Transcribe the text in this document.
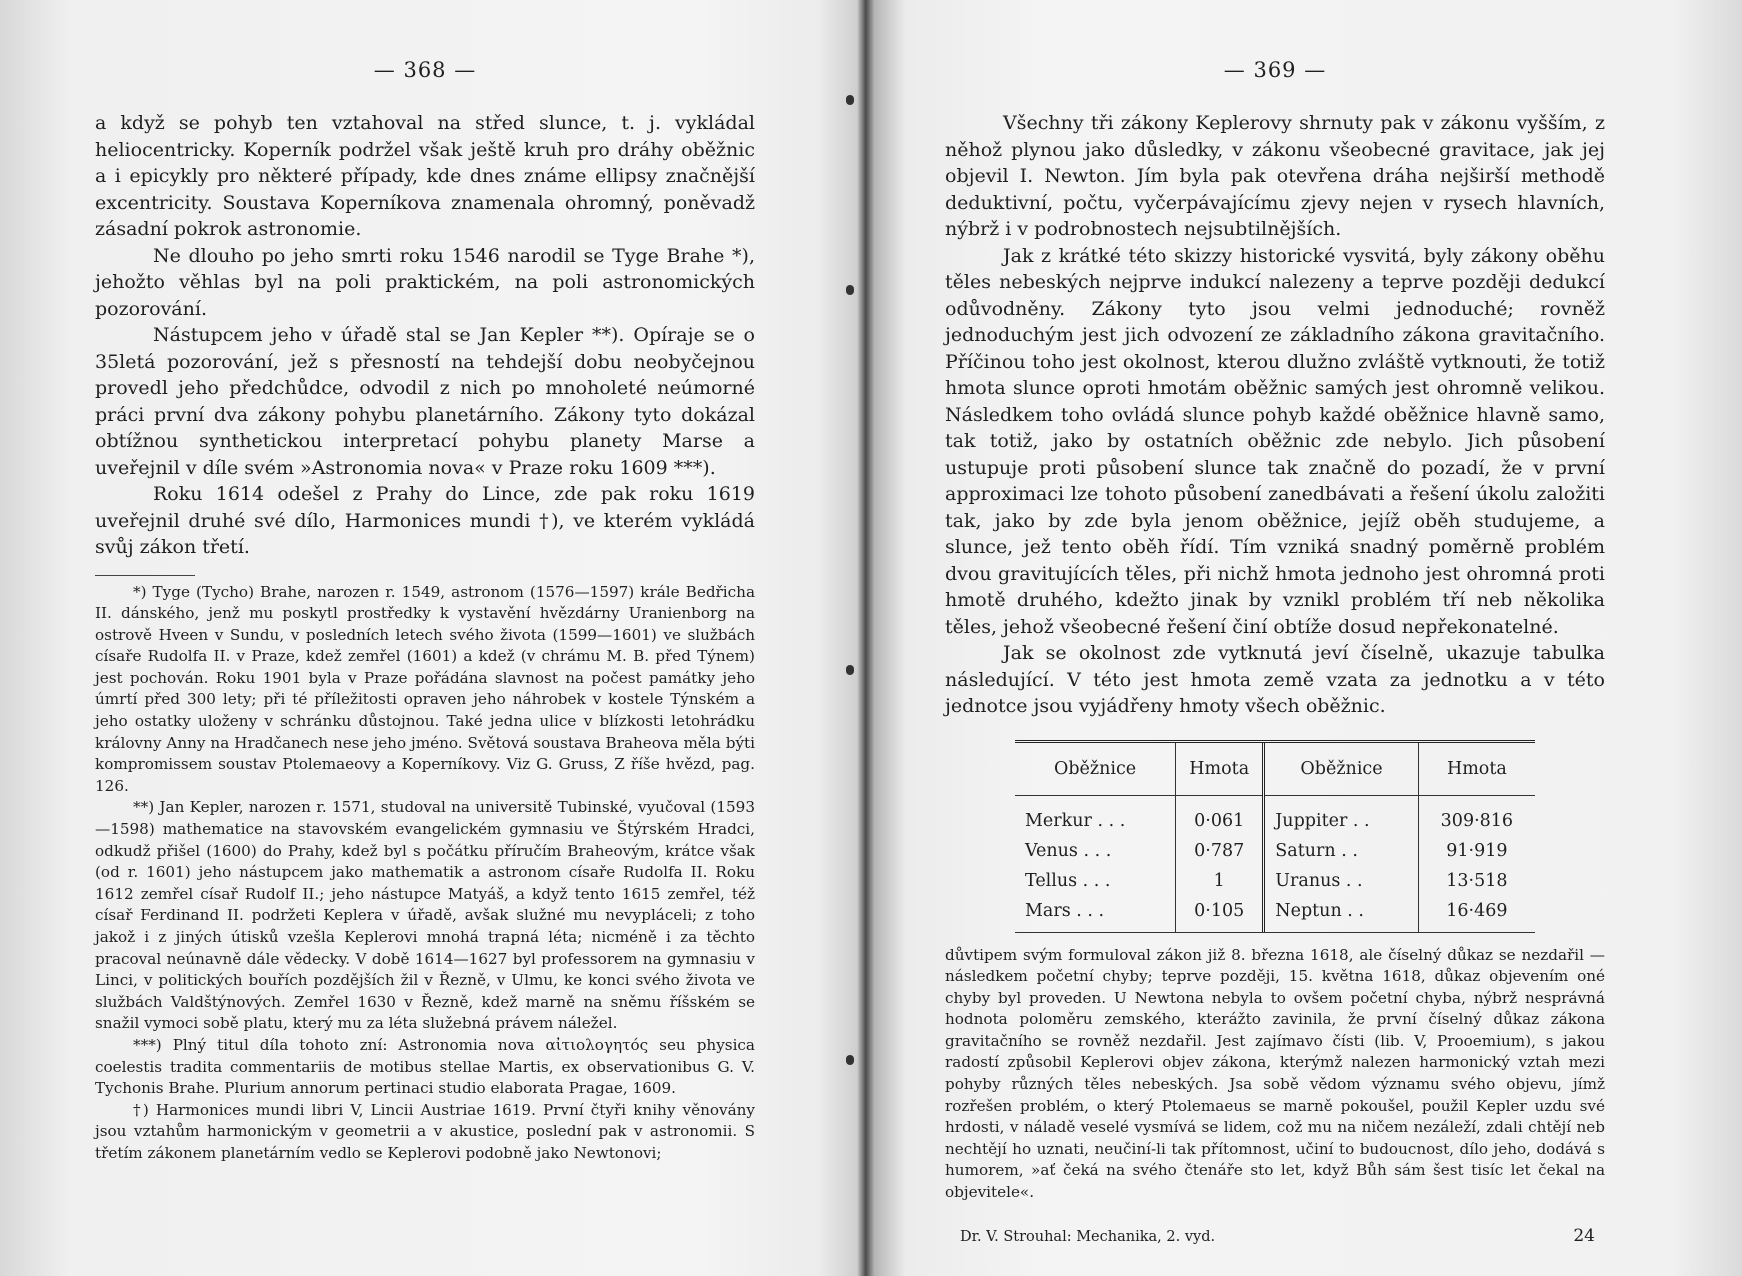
— 368 —

a když se pohyb ten vztahoval na střed slunce, t. j. vykládal heliocentricky. Koperník podržel však ještě kruh pro dráhy oběžnic a i epicykly pro některé případy, kde dnes známe ellipsy značnější excentricity. Soustava Koperníkova znamenala ohromný, poněvadž zásadní pokrok astronomie.

Ne dlouho po jeho smrti roku 1546 narodil se Tyge Brahe *), jehožto věhlas byl na poli praktickém, na poli astronomických pozorování.

Nástupcem jeho v úřadě stal se Jan Kepler **). Opíraje se o 35letá pozorování, jež s přesností na tehdejší dobu neobyčejnou provedl jeho předchůdce, odvodil z nich po mnoholeté neúmorné práci první dva zákony pohybu planetárního. Zákony tyto dokázal obtížnou synthetickou interpretací pohybu planety Marse a uveřejnil v díle svém »Astronomia nova« v Praze roku 1609 ***).

Roku 1614 odešel z Prahy do Lince, zde pak roku 1619 uveřejnil druhé své dílo, Harmonices mundi †), ve kterém vykládá svůj zákon třetí.

*) Tyge (Tycho) Brahe, narozen r. 1549, astronom (1576—1597) krále Bedřicha II. dánského, jenž mu poskytl prostředky k vystavění hvězdárny Uranienborg na ostrově Hveen v Sundu, v posledních letech svého života (1599—1601) ve službách císaře Rudolfa II. v Praze, kdež zemřel (1601) a kdež (v chrámu M. B. před Týnem) jest pochován. Roku 1901 byla v Praze pořádána slavnost na počest památky jeho úmrtí před 300 lety; při té příležitosti opraven jeho náhrobek v kostele Týnském a jeho ostatky uloženy v schránku důstojnou. Také jedna ulice v blízkosti letohrádku královny Anny na Hradčanech nese jeho jméno. Světová soustava Braheova měla býti kompromissem soustav Ptolemaeovy a Koperníkovy. Viz G. Gruss, Z říše hvězd, pag. 126.

**) Jan Kepler, narozen r. 1571, studoval na universitě Tubinské, vyučoval (1593—1598) mathematice na stavovském evangelickém gymnasiu ve Štýrském Hradci, odkudž přišel (1600) do Prahy, kdež byl s počátku příručím Braheovým, krátce však (od r. 1601) jeho nástupcem jako mathematik a astronom císaře Rudolfa II. Roku 1612 zemřel císař Rudolf II.; jeho nástupce Matyáš, a když tento 1615 zemřel, též císař Ferdinand II. podržeti Keplera v úřadě, avšak služné mu nevypláceli; z toho jakož i z jiných útisků vzešla Keplerovi mnohá trapná léta; nicméně i za těchto pracoval neúnavně dále vědecky. V době 1614—1627 byl professorem na gymnasiu v Linci, v politických bouřích pozdějších žil v Řezně, v Ulmu, ke konci svého života ve službách Valdštýnových. Zemřel 1630 v Řezně, kdež marně na sněmu říšském se snažil vymoci sobě platu, který mu za léta služebná právem náležel.

***) Plný titul díla tohoto zní: Astronomia nova αἰτιολογητός seu physica coelestis tradita commentariis de motibus stellae Martis, ex observationibus G. V. Tychonis Brahe. Plurium annorum pertinaci studio elaborata Pragae, 1609.

†) Harmonices mundi libri V, Lincii Austriae 1619. První čtyři knihy věnovány jsou vztahům harmonickým v geometrii a v akustice, poslední pak v astronomii. S třetím zákonem planetárním vedlo se Keplerovi podobně jako Newtonovi;

— 369 —

Všechny tři zákony Keplerovy shrnuty pak v zákonu vyšším, z něhož plynou jako důsledky, v zákonu všeobecné gravitace, jak jej objevil I. Newton. Jím byla pak otevřena dráha nejširší methodě deduktivní, počtu, vyčerpávajícímu zjevy nejen v rysech hlavních, nýbrž i v podrobnostech nejsubtilnějších.

Jak z krátké této skizzy historické vysvitá, byly zákony oběhu těles nebeských nejprve indukcí nalezeny a teprve později dedukcí odůvodněny. Zákony tyto jsou velmi jednoduché; rovněž jednoduchým jest jich odvození ze základního zákona gravitačního. Příčinou toho jest okolnost, kterou dlužno zvláště vytknouti, že totiž hmota slunce oproti hmotám oběžnic samých jest ohromně velikou. Následkem toho ovládá slunce pohyb každé oběžnice hlavně samo, tak totiž, jako by ostatních oběžnic zde nebylo. Jich působení ustupuje proti působení slunce tak značně do pozadí, že v první approximaci lze tohoto působení zanedbávati a řešení úkolu založiti tak, jako by zde byla jenom oběžnice, jejíž oběh studujeme, a slunce, jež tento oběh řídí. Tím vzniká snadný poměrně problém dvou gravitujících těles, při nichž hmota jednoho jest ohromná proti hmotě druhého, kdežto jinak by vznikl problém tří neb několika těles, jehož všeobecné řešení činí obtíže dosud nepřekonatelné.

Jak se okolnost zde vytknutá jeví číselně, ukazuje tabulka následující. V této jest hmota země vzata za jednotku a v této jednotce jsou vyjádřeny hmoty všech oběžnic.

Oběžnice	Hmota	Oběžnice	Hmota
Merkur . . .	0·061	Juppiter . .	309·816
Venus . . .	0·787	Saturn . .	91·919
Tellus . . .	1	Uranus . .	13·518
Mars . . .	0·105	Neptun . .	16·469

důvtipem svým formuloval zákon již 8. března 1618, ale číselný důkaz se nezdařil — následkem početní chyby; teprve později, 15. května 1618, důkaz objevením oné chyby byl proveden. U Newtona nebyla to ovšem početní chyba, nýbrž nesprávná hodnota poloměru zemského, kterážto zavinila, že první číselný důkaz zákona gravitačního se rovněž nezdařil. Jest zajímavo čísti (lib. V, Prooemium), s jakou radostí způsobil Keplerovi objev zákona, kterýmž nalezen harmonický vztah mezi pohyby různých těles nebeských. Jsa sobě vědom významu svého objevu, jímž rozřešen problém, o který Ptolemaeus se marně pokoušel, použil Kepler uzdu své hrdosti, v náladě veselé vysmívá se lidem, což mu na ničem nezáleží, zdali chtějí neb nechtějí ho uznati, neučiní-li tak přítomnost, učiní to budoucnost, dílo jeho, dodává s humorem, »ať čeká na svého čtenáře sto let, když Bůh sám šest tisíc let čekal na objevitele«.

Dr. V. Strouhal: Mechanika, 2. vyd.	24
